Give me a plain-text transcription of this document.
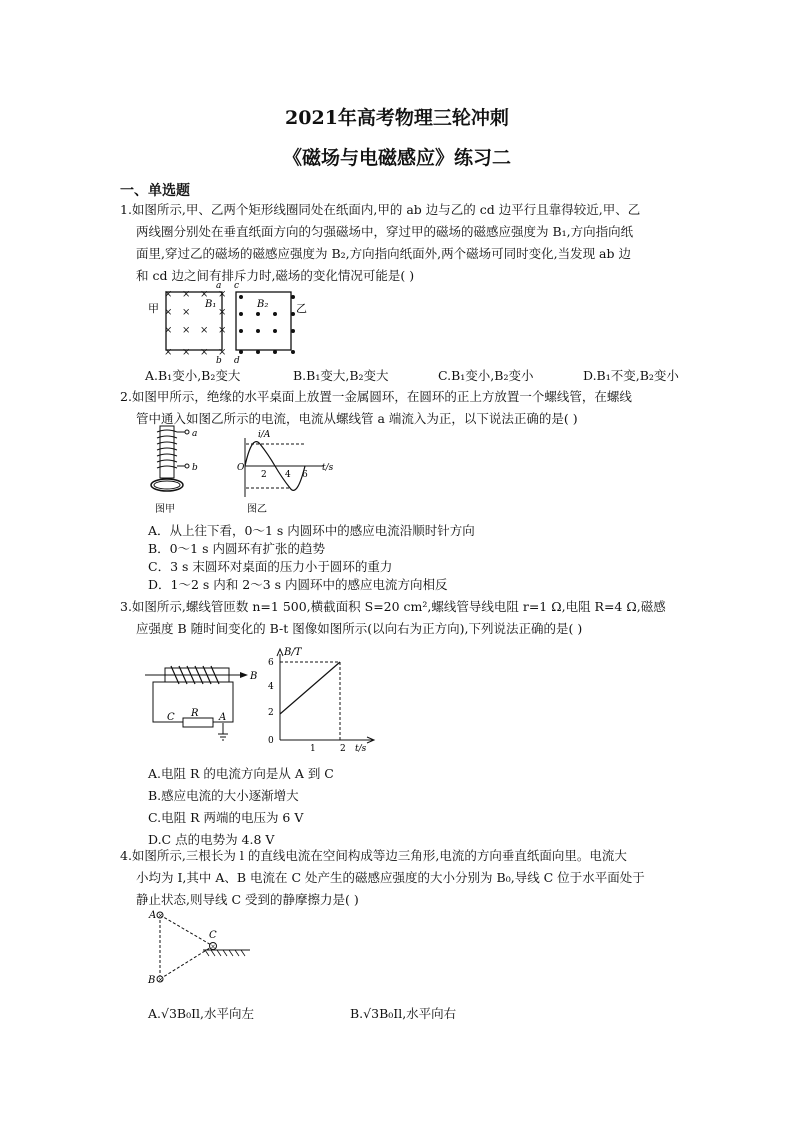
2021年高考物理三轮冲刺
《磁场与电磁感应》练习二
一、单选题
1.如图所示,甲、乙两个矩形线圈同处在纸面内,甲的 ab 边与乙的 cd 边平行且靠得较近,甲、乙
两线圈分别处在垂直纸面方向的匀强磁场中，穿过甲的磁场的磁感应强度为 B₁,方向指向纸
面里,穿过乙的磁场的磁感应强度为 B₂,方向指向纸面外,两个磁场可同时变化,当发现 ab 边
和 cd 边之间有排斥力时,磁场的变化情况可能是( )
甲	B₁
× × × ×
× ×	×
× × × ×
× × × ×
a
b
c
d
B₂	乙
A.B₁变小,B₂变大	B.B₁变大,B₂变大	C.B₁变小,B₂变小	D.B₁不变,B₂变小
2.如图甲所示，绝缘的水平桌面上放置一金属圆环，在圆环的正上方放置一个螺线管，在螺线
管中通入如图乙所示的电流，电流从螺线管 a 端流入为正，以下说法正确的是( )
a
b
图甲
i/A
O
2 4 6
t/s
图乙
A．从上往下看，0～1 s 内圆环中的感应电流沿顺时针方向
B．0～1 s 内圆环有扩张的趋势
C．3 s 末圆环对桌面的压力小于圆环的重力
D．1～2 s 内和 2～3 s 内圆环中的感应电流方向相反
3.如图所示,螺线管匝数 n=1 500,横截面积 S=20 cm²,螺线管导线电阻 r=1 Ω,电阻 R=4 Ω,磁感
应强度 B 随时间变化的 B-t 图像如图所示(以向右为正方向),下列说法正确的是( )
B
C R A
B/T
6
4
2
0
1	2 t/s
A.电阻 R 的电流方向是从 A 到 C
B.感应电流的大小逐渐增大
C.电阻 R 两端的电压为 6 V
D.C 点的电势为 4.8 V
4.如图所示,三根长为 l 的直线电流在空间构成等边三角形,电流的方向垂直纸面向里。电流大
小均为 I,其中 A、B 电流在 C 处产生的磁感应强度的大小分别为 B₀,导线 C 位于水平面处于
静止状态,则导线 C 受到的静摩擦力是( )
×
×
×
A
B
C
A.√3B₀Il,水平向左	B.√3B₀Il,水平向右
